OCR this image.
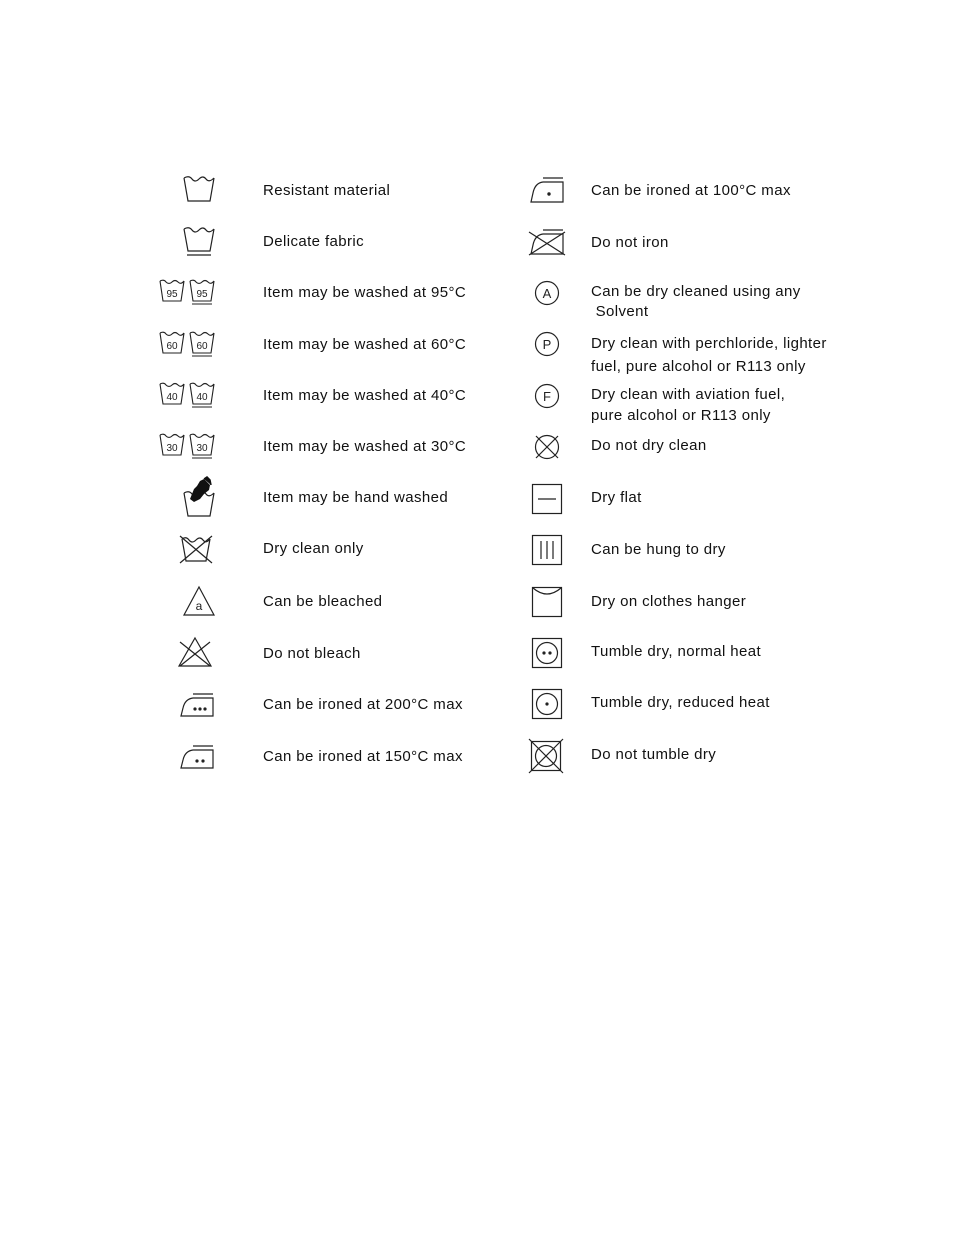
Resistant material
Delicate fabric
95 95	Item may be washed at 95°C
60 60	Item may be washed at 60°C
40 40	Item may be washed at 40°C
30 30	Item may be washed at 30°C
Item may be hand washed
Dry clean only
a	Can be bleached
Do not bleach
Can be ironed at 200°C max
Can be ironed at 150°C max
Can be ironed at 100°C max
Do not iron
A	Can be dry cleaned using any
Solvent
P	Dry clean with perchloride, lighter
fuel, pure alcohol or R113 only
F	Dry clean with aviation fuel,
pure alcohol or R113 only
Do not dry clean
Dry flat
Can be hung to dry
Dry on clothes hanger
Tumble dry, normal heat
Tumble dry, reduced heat
Do not tumble dry
